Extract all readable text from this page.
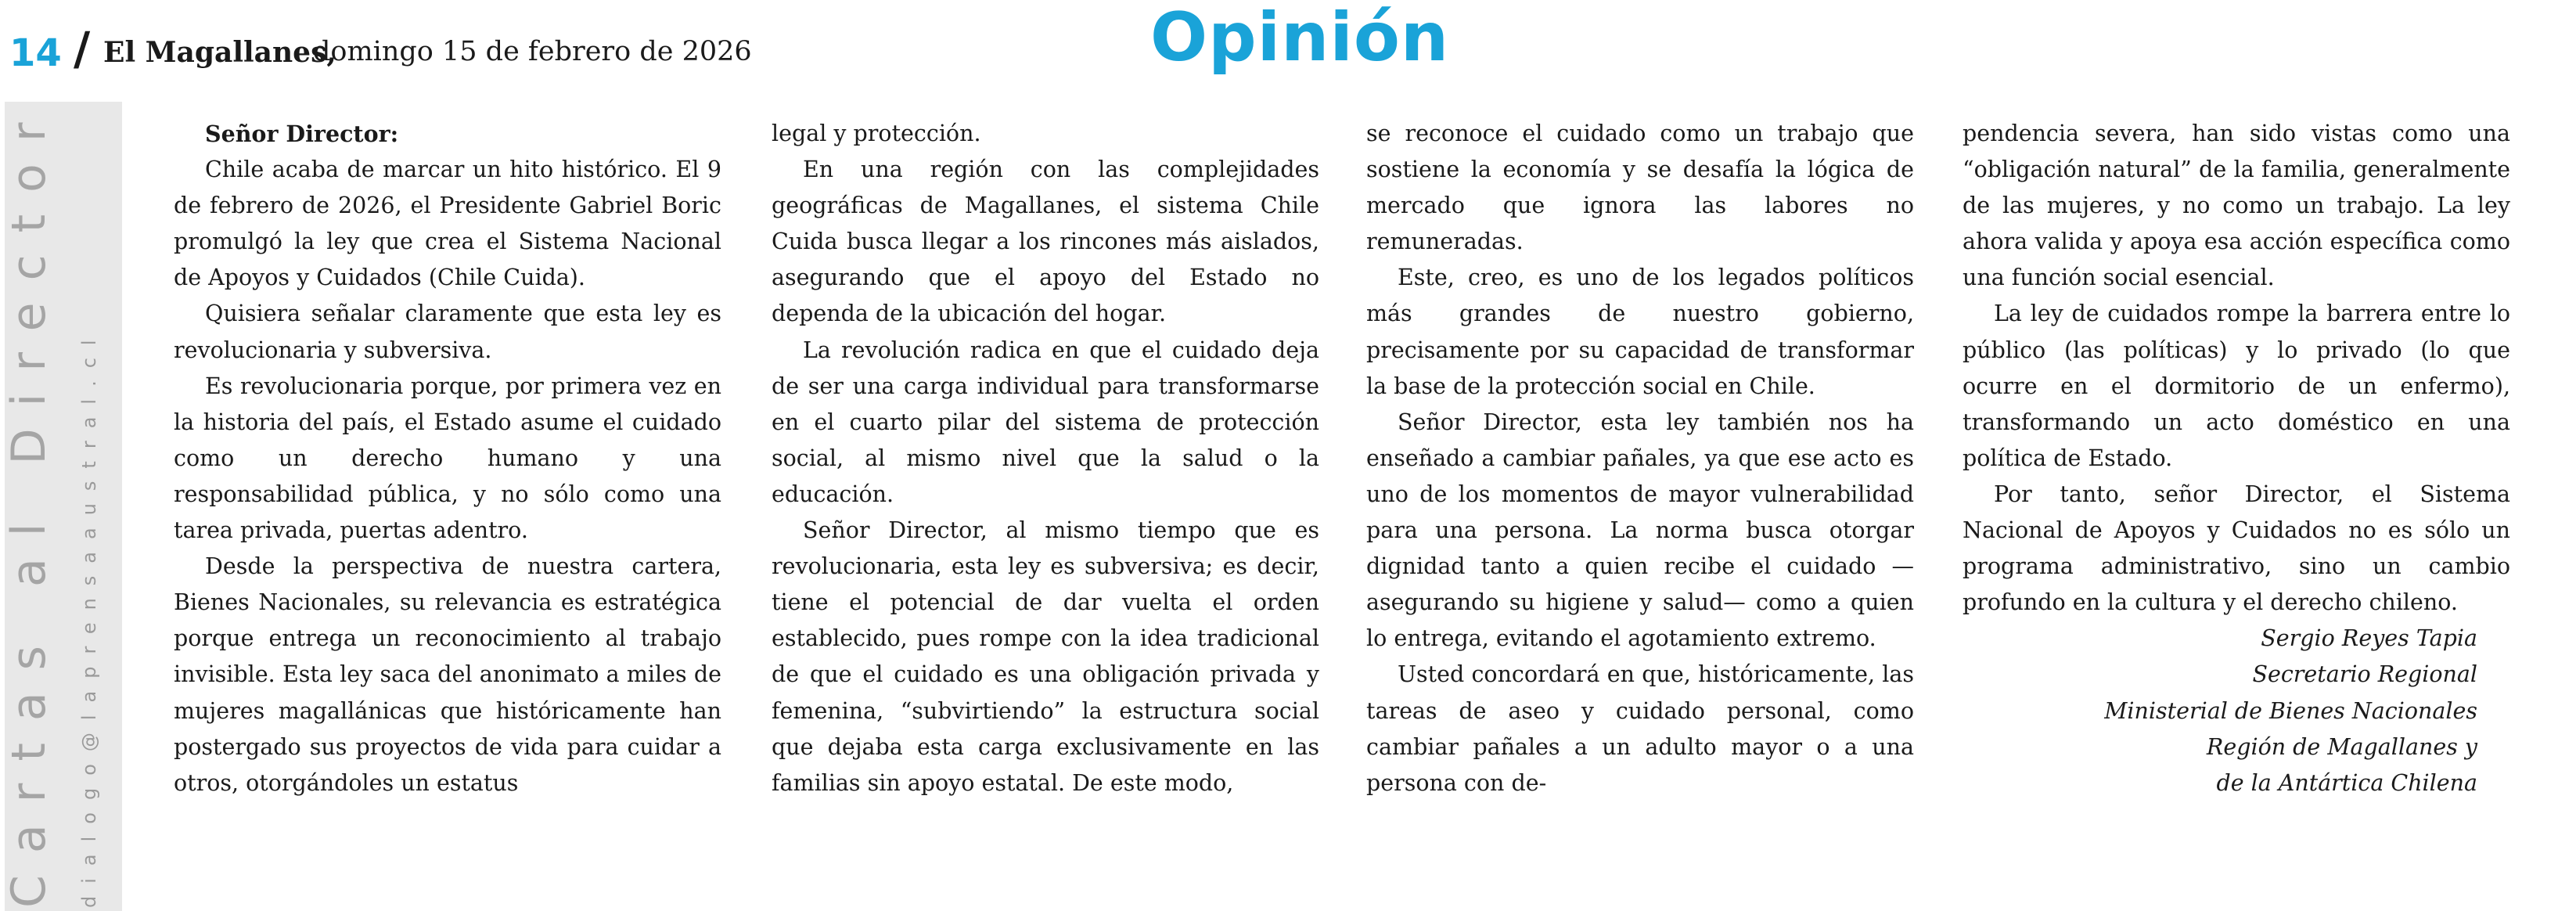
14 / El Magallanes,
domingo 15 de febrero de 2026	Opinión
Cartas al Director dialogo@laprensaaustral.cl

Señor Director:

Chile acaba de marcar un hito histórico. El 9 de febrero de 2026, el Presidente Gabriel Boric promulgó la ley que crea el Sistema Nacional de Apoyos y Cuidados (Chile Cuida).

Quisiera señalar claramente que esta ley es revolucionaria y subversiva.

Es revolucionaria porque, por primera vez en la historia del país, el Estado asume el cuidado como un derecho humano y una responsabilidad pública, y no sólo como una tarea privada, puertas adentro.

Desde la perspectiva de nuestra cartera, Bienes Nacionales, su relevancia es estratégica porque entrega un reconocimiento al trabajo invisible. Esta ley saca del anonimato a miles de mujeres magallánicas que históricamente han postergado sus proyectos de vida para cuidar a otros, otorgándoles un estatus

legal y protección.

En una región con las complejidades geográficas de Magallanes, el sistema Chile Cuida busca llegar a los rincones más aislados, asegurando que el apoyo del Estado no dependa de la ubicación del hogar.

La revolución radica en que el cuidado deja de ser una carga individual para transformarse en el cuarto pilar del sistema de protección social, al mismo nivel que la salud o la educación.

Señor Director, al mismo tiempo que es revolucionaria, esta ley es subversiva; es decir, tiene el potencial de dar vuelta el orden establecido, pues rompe con la idea tradicional de que el cuidado es una obligación privada y femenina, “subvirtiendo” la estructura social que dejaba esta carga exclusivamente en las familias sin apoyo estatal. De este modo,

se reconoce el cuidado como un trabajo que sostiene la economía y se desafía la lógica de mercado que ignora las labores no remuneradas.

Este, creo, es uno de los legados políticos más grandes de nuestro gobierno, precisamente por su capacidad de transformar la base de la protección social en Chile.

Señor Director, esta ley también nos ha enseñado a cambiar pañales, ya que ese acto es uno de los momentos de mayor vulnerabilidad para una persona. La norma busca otorgar dignidad tanto a quien recibe el cuidado —asegurando su higiene y salud— como a quien lo entrega, evitando el agotamiento extremo.

Usted concordará en que, históricamente, las tareas de aseo y cuidado personal, como cambiar pañales a un adulto mayor o a una persona con de-

pendencia severa, han sido vistas como una “obligación natural” de la familia, generalmente de las mujeres, y no como un trabajo. La ley ahora valida y apoya esa acción específica como una función social esencial.

La ley de cuidados rompe la barrera entre lo público (las políticas) y lo privado (lo que ocurre en el dormitorio de un enfermo), transformando un acto doméstico en una política de Estado.

Por tanto, señor Director, el Sistema Nacional de Apoyos y Cuidados no es sólo un programa administrativo, sino un cambio profundo en la cultura y el derecho chileno.

Sergio Reyes Tapia

Secretario Regional

Ministerial de Bienes Nacionales

Región de Magallanes y

de la Antártica Chilena
